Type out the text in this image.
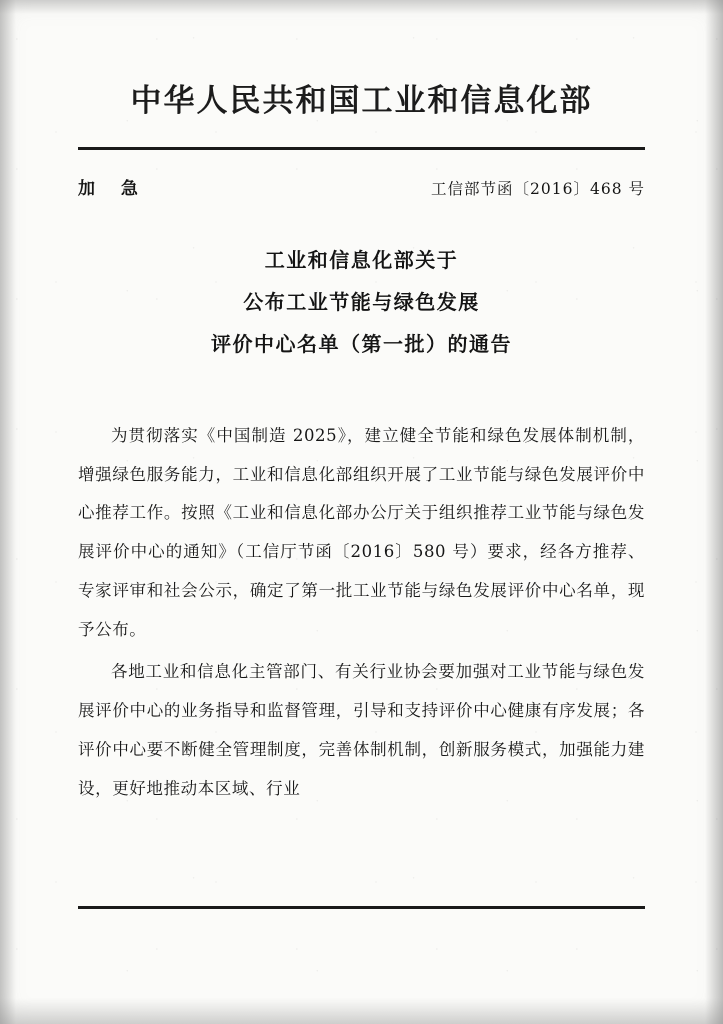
中华人民共和国工业和信息化部
加 急	工信部节函〔2016〕468 号
工业和信息化部关于
公布工业节能与绿色发展
评价中心名单（第一批）的通告

为贯彻落实《中国制造 2025》，建立健全节能和绿色发展体制机制，增强绿色服务能力，工业和信息化部组织开展了工业节能与绿色发展评价中心推荐工作。按照《工业和信息化部办公厅关于组织推荐工业节能与绿色发展评价中心的通知》（工信厅节函〔2016〕580 号）要求，经各方推荐、专家评审和社会公示，确定了第一批工业节能与绿色发展评价中心名单，现予公布。

各地工业和信息化主管部门、有关行业协会要加强对工业节能与绿色发展评价中心的业务指导和监督管理，引导和支持评价中心健康有序发展；各评价中心要不断健全管理制度，完善体制机制，创新服务模式，加强能力建设，更好地推动本区域、行业
